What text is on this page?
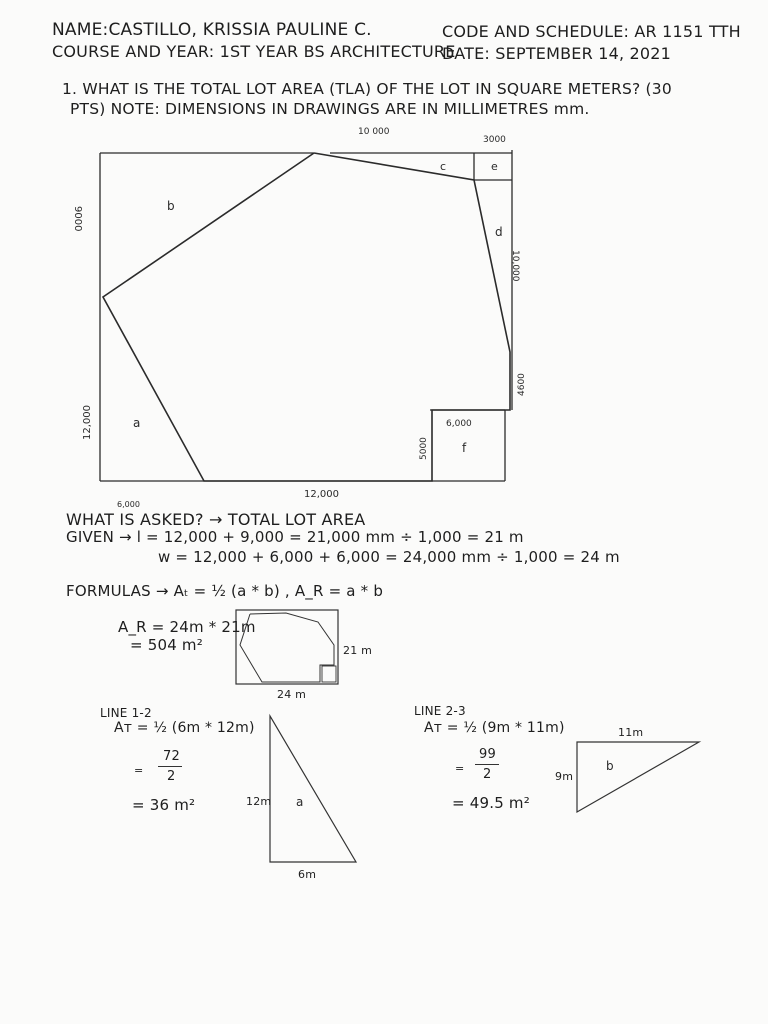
NAME:CASTILLO, KRISSIA PAULINE C.
COURSE AND YEAR: 1ST YEAR BS ARCHITECTURE
CODE AND SCHEDULE: AR 1151 TTH
DATE: SEPTEMBER 14, 2021
1. WHAT IS THE TOTAL LOT AREA (TLA) OF THE LOT IN SQUARE METERS? (30
PTS) NOTE: DIMENSIONS IN DRAWINGS ARE IN MILLIMETRES mm.
b
a
c	e
d
f
10 000
3000
9000
12,000
10,000
4600
6,000
5000
12,000
6,000
a
b
WHAT IS ASKED? → TOTAL LOT AREA
GIVEN → l = 12,000 + 9,000 = 21,000 mm ÷ 1,000 = 21 m
w = 12,000 + 6,000 + 6,000 = 24,000 mm ÷ 1,000 = 24 m
FORMULAS → Aₜ = ½ (a * b) , A_R = a * b
A_R = 24m * 21m
= 504 m²	21 m
24 m
LINE 1-2
Aᴛ = ½ (6m * 12m)
=
72
2
= 36 m²	12m
6m
LINE 2-3
Aᴛ = ½ (9m * 11m)
=
99
2
= 49.5 m²
9m
11m
